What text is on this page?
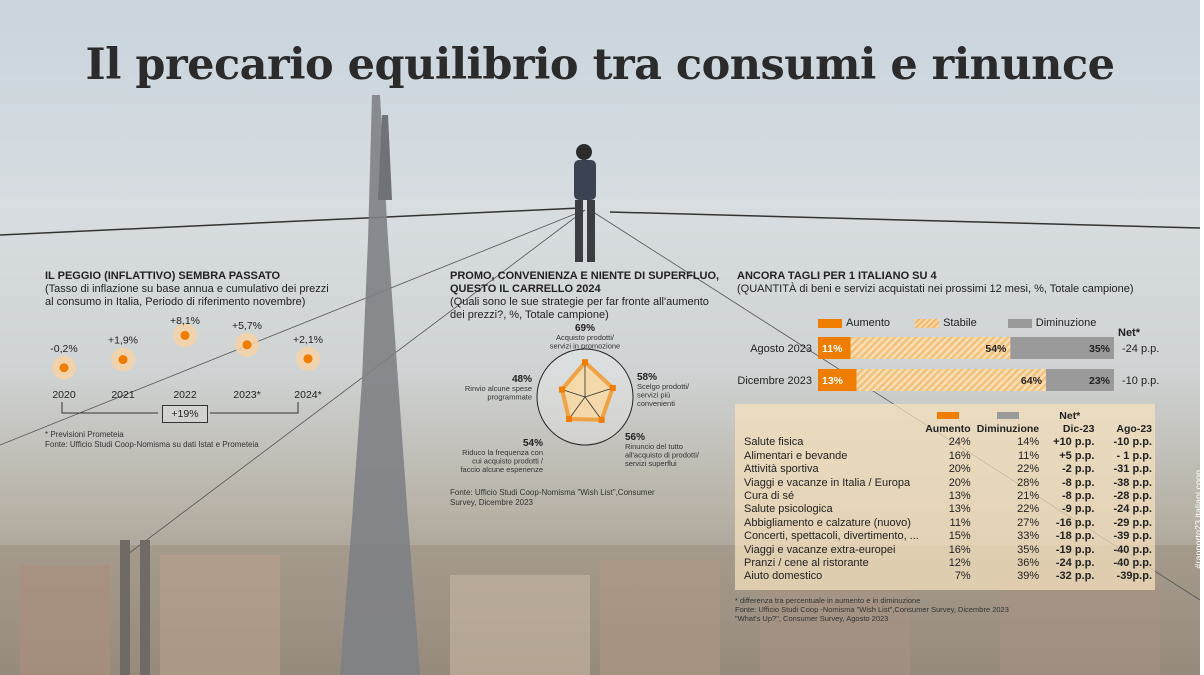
Il precario equilibrio tra consumi e rinunce
IL PEGGIO (INFLATTIVO) SEMBRA PASSATO
(Tasso di inflazione su base annua e cumulativo dei prezzi
al consumo in Italia, Periodo di riferimento novembre)
-0,2%
2020
+1,9%
2021
+8,1%
2022
+5,7%
2023*
+2,1%
2024*
+19%
* Previsioni Prometeia
Fonte: Ufficio Studi Coop-Nomisma su dati Istat e Prometeia
PROMO, CONVENIENZA E NIENTE DI SUPERFLUO,
QUESTO IL CARRELLO 2024
(Quali sono le sue strategie per far fronte all'aumento
dei prezzi?, %, Totale campione)
69%
Acquisto prodotti/
servizi in promozione
58%
Scelgo prodotti/
servizi più
convenienti
56%
Rinuncio del tutto
all'acquisto di prodotti/
servizi superflui
54%
Riduco la frequenza con
cui acquisto prodotti /
faccio alcune esperienze
48%
Rinvio alcune spese
programmate
Fonte: Ufficio Studi Coop-Nomisma "Wish List",Consumer
Survey, Dicembre 2023
ANCORA TAGLI PER 1 ITALIANO SU 4
(QUANTITÀ di beni e servizi acquistati nei prossimi 12 mesi, %, Totale campione)
Aumento	Stabile	Diminuzione
Net*
Agosto 2023 11%	54%	35% -24 p.p.
Dicembre 2023 13%	64%	23% -10 p.p.
			Net*	
	Aumento	Diminuzione	Dic-23	Ago-23
Salute fisica	24%	14%	+10 p.p.	-10 p.p.
Alimentari e bevande	16%	11%	+5 p.p.	- 1 p.p.
Attività sportiva	20%	22%	-2 p.p.	-31 p.p.
Viaggi e vacanze in Italia / Europa	20%	28%	-8 p.p.	-38 p.p.
Cura di sé	13%	21%	-8 p.p.	-28 p.p.
Salute psicologica	13%	22%	-9 p.p.	-24 p.p.
Abbigliamento e calzature (nuovo)	11%	27%	-16 p.p.	-29 p.p.
Concerti, spettacoli, divertimento, ...	15%	33%	-18 p.p.	-39 p.p.
Viaggi e vacanze extra-europei	16%	35%	-19 p.p.	-40 p.p.
Pranzi / cene al ristorante	12%	36%	-24 p.p.	-40 p.p.
Aiuto domestico	7%	39%	-32 p.p.	-39p.p.
* differenza tra percentuale in aumento e in diminuzione
Fonte: Ufficio Studi Coop -Nomisma "Wish List",Consumer Survey, Dicembre 2023
"What's Up?", Consumer Survey, Agosto 2023
#rapporto23 italiani.coop
